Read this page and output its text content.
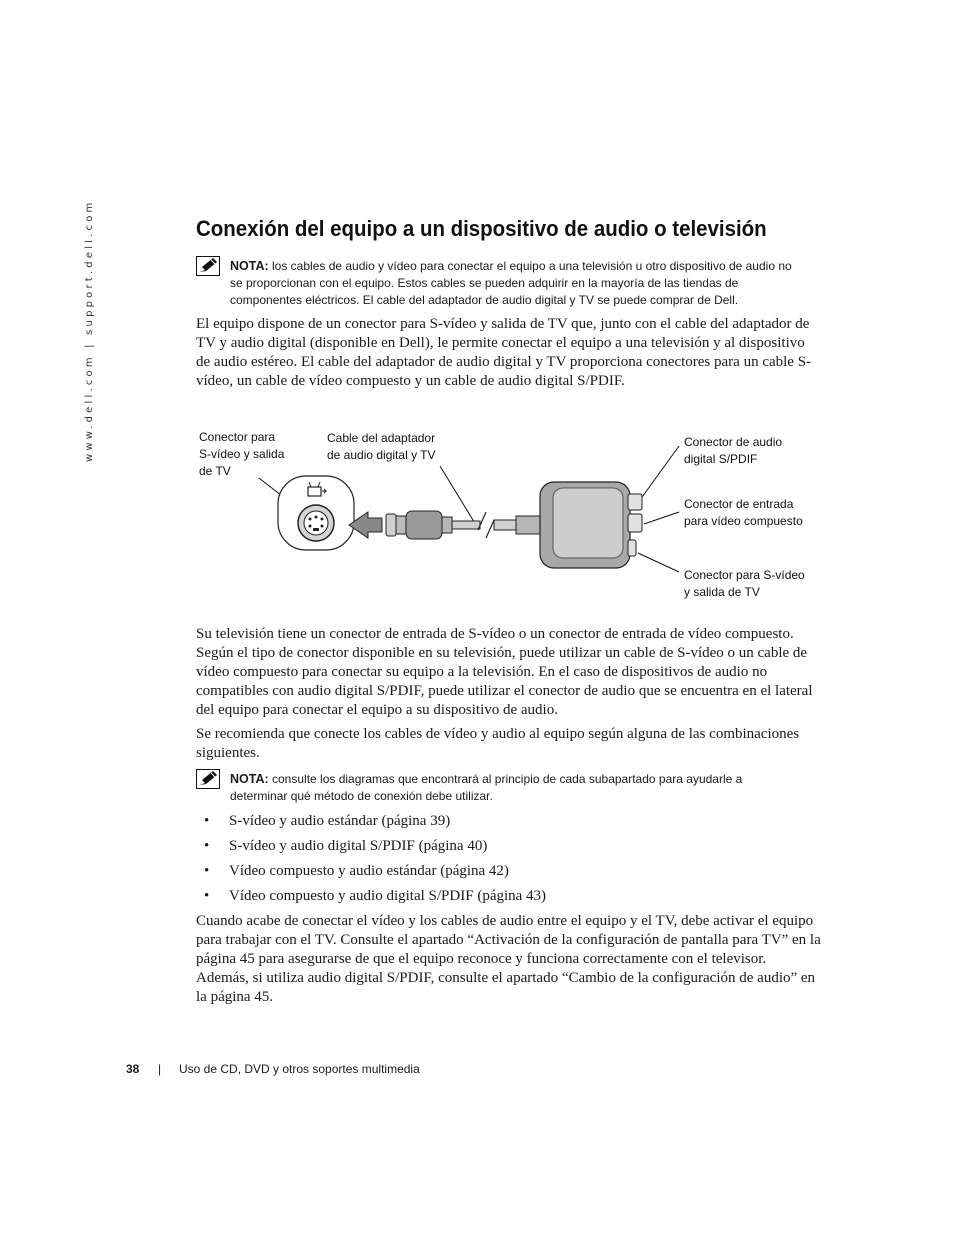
www.dell.com | support.dell.com	Conexión del equipo a un dispositivo de audio o televisión
NOTA: los cables de audio y vídeo para conectar el equipo a una televisión u otro dispositivo de audio no
se proporcionan con el equipo. Estos cables se pueden adquirir en la mayoría de las tiendas de
componentes eléctricos. El cable del adaptador de audio digital y TV se puede comprar de Dell.

El equipo dispone de un conector para S-vídeo y salida de TV que, junto con el cable del adaptador de TV y audio digital (disponible en Dell), le permite conectar el equipo a una televisión y al dispositivo de audio estéreo. El cable del adaptador de audio digital y TV proporciona conectores para un cable S-vídeo, un cable de vídeo compuesto y un cable de audio digital S/PDIF.

Conector para
S-vídeo y salida
de TV
Cable del adaptador
de audio digital y TV
Conector de audio
digital S/PDIF
Conector de entrada
para vídeo compuesto
Conector para S-vídeo
y salida de TV

Su televisión tiene un conector de entrada de S-vídeo o un conector de entrada de vídeo compuesto. Según el tipo de conector disponible en su televisión, puede utilizar un cable de S-vídeo o un cable de vídeo compuesto para conectar su equipo a la televisión. En el caso de dispositivos de audio no compatibles con audio digital S/PDIF, puede utilizar el conector de audio que se encuentra en el lateral del equipo para conectar el equipo a su dispositivo de audio.

Se recomienda que conecte los cables de vídeo y audio al equipo según alguna de las combinaciones siguientes.

NOTA: consulte los diagramas que encontrará al principio de cada subapartado para ayudarle a
determinar qué método de conexión debe utilizar.
• S-vídeo y audio estándar (página 39)
• S-vídeo y audio digital S/PDIF (página 40)
• Vídeo compuesto y audio estándar (página 42)
• Vídeo compuesto y audio digital S/PDIF (página 43)

Cuando acabe de conectar el vídeo y los cables de audio entre el equipo y el TV, debe activar el equipo para trabajar con el TV. Consulte el apartado “Activación de la configuración de pantalla para TV” en la página 45 para asegurarse de que el equipo reconoce y funciona correctamente con el televisor. Además, si utiliza audio digital S/PDIF, consulte el apartado “Cambio de la configuración de audio” en la página 45.

38 | Uso de CD, DVD y otros soportes multimedia
